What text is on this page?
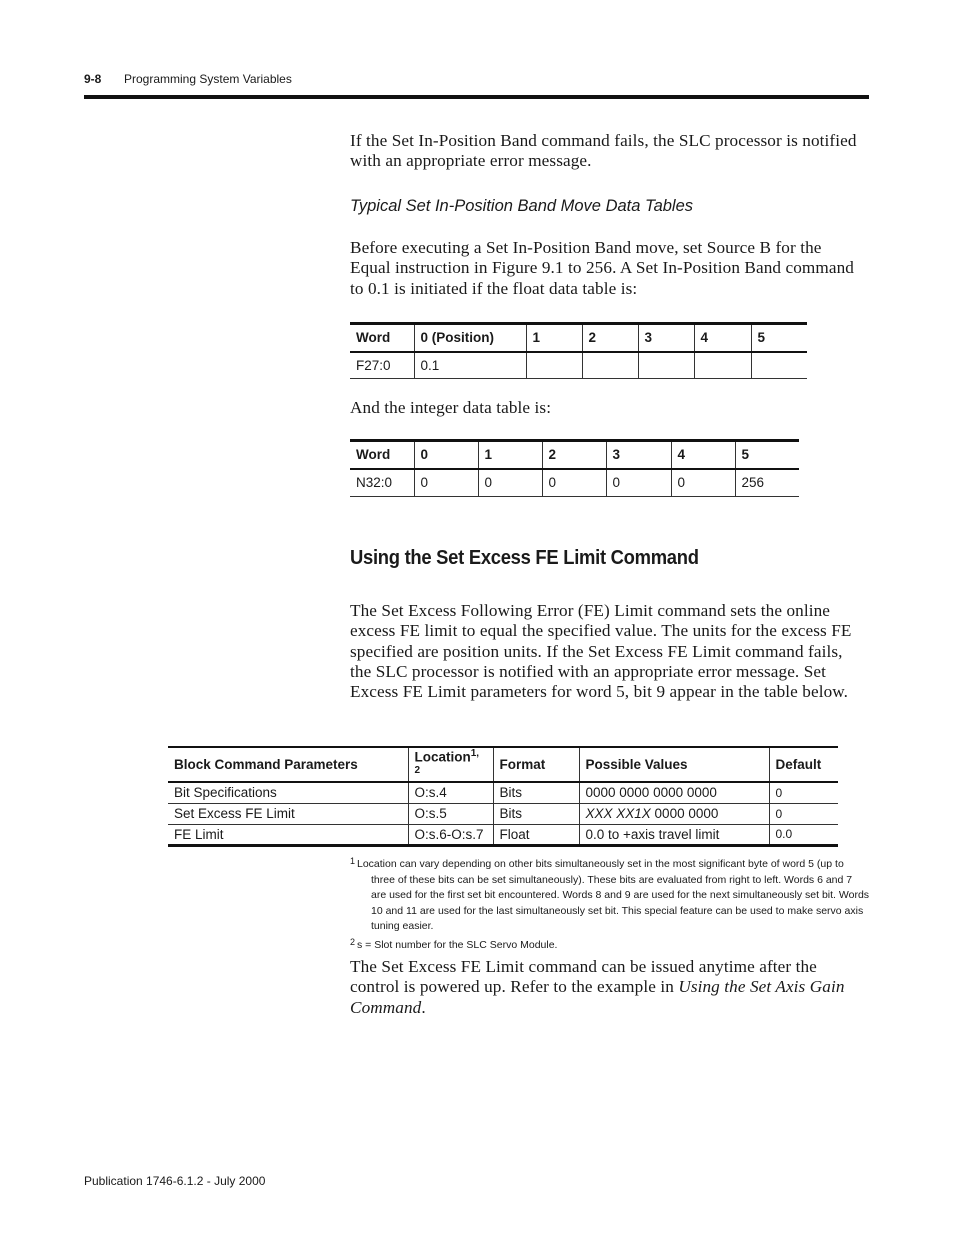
9-8 Programming System Variables

If the Set In-Position Band command fails, the SLC processor is notified with an appropriate error message.

Typical Set In-Position Band Move Data Tables

Before executing a Set In-Position Band move, set Source B for the Equal instruction in Figure 9.1 to 256. A Set In-Position Band command to 0.1 is initiated if the float data table is:

Word	0 (Position)	1	2	3	4	5
F27:0	0.1					

And the integer data table is:

Word	0	1	2	3	4	5
N32:0	0	0	0	0	0	256
Using the Set Excess FE Limit Command

The Set Excess Following Error (FE) Limit command sets the online excess FE limit to equal the specified value. The units for the excess FE specified are position units. If the Set Excess FE Limit command fails, the SLC processor is notified with an appropriate error message. Set Excess FE Limit parameters for word 5, bit 9 appear in the table below.

Block Command Parameters	Location$^{1, 2}$	Format	Possible Values	Default
Bit Specifications	O:s.4	Bits	0000 0000 0000 0000	0
Set Excess FE Limit	O:s.5	Bits	XXX XX1X 0000 0000	0
FE Limit	O:s.6-O:s.7	Float	0.0 to +axis travel limit	0.0
1 Location can vary depending on other bits simultaneously set in the most significant byte of word 5 (up to three of these bits can be set simultaneously). These bits are evaluated from right to left. Words 6 and 7 are used for the first set bit encountered. Words 8 and 9 are used for the next simultaneously set bit. Words 10 and 11 are used for the last simultaneously set bit. This special feature can be used to make servo axis tuning easier.
2 s = Slot number for the SLC Servo Module.

The Set Excess FE Limit command can be issued anytime after the control is powered up. Refer to the example in Using the Set Axis Gain Command.

Publication 1746-6.1.2 - July 2000
